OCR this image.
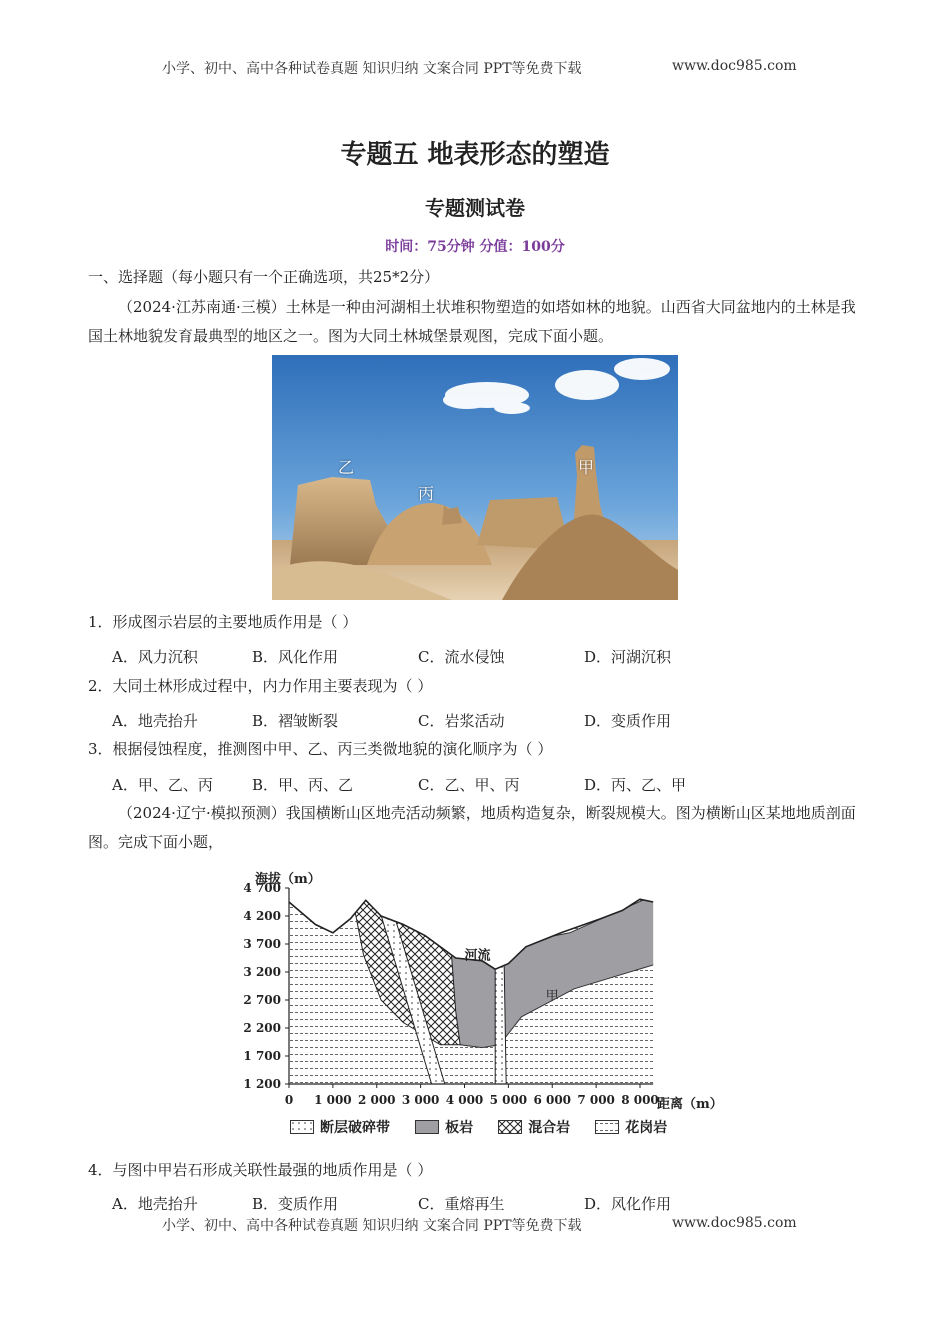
小学、初中、高中各种试卷真题 知识归纳 文案合同 PPT等免费下载	www.doc985.com
专题五 地表形态的塑造
专题测试卷
时间：75分钟 分值：100分
一、选择题（每小题只有一个正确选项，共25*2分）
（2024·江苏南通·三模）土林是一种由河湖相土状堆积物塑造的如塔如林的地貌。山西省大同盆地内的土林是我国土林地貌发育最典型的地区之一。图为大同土林城堡景观图，完成下面小题。
乙
丙
甲
1．形成图示岩层的主要地质作用是（ ）
A．风力沉积	B．风化作用	C．流水侵蚀	D．河湖沉积
2．大同土林形成过程中，内力作用主要表现为（ ）
A．地壳抬升	B．褶皱断裂	C．岩浆活动	D．变质作用
3．根据侵蚀程度，推测图中甲、乙、丙三类微地貌的演化顺序为（ ）
A．甲、乙、丙	B．甲、丙、乙	C．乙、甲、丙	D．丙、乙、甲
（2024·辽宁·模拟预测）我国横断山区地壳活动频繁，地质构造复杂，断裂规模大。图为横断山区某地地质剖面图。完成下面小题，
海拔（m）
距离（m）
4 700
4 200
3 700
3 200
2 700
2 200
1 700
1 200
0 1 000 2 000 3 000 4 000 5 000 6 000 7 000 8 000
河流
甲
断层破碎带
	板岩
	混合岩
	花岗岩
4．与图中甲岩石形成关联性最强的地质作用是（ ）
A．地壳抬升	B．变质作用	C．重熔再生	D．风化作用
小学、初中、高中各种试卷真题 知识归纳 文案合同 PPT等免费下载	www.doc985.com
